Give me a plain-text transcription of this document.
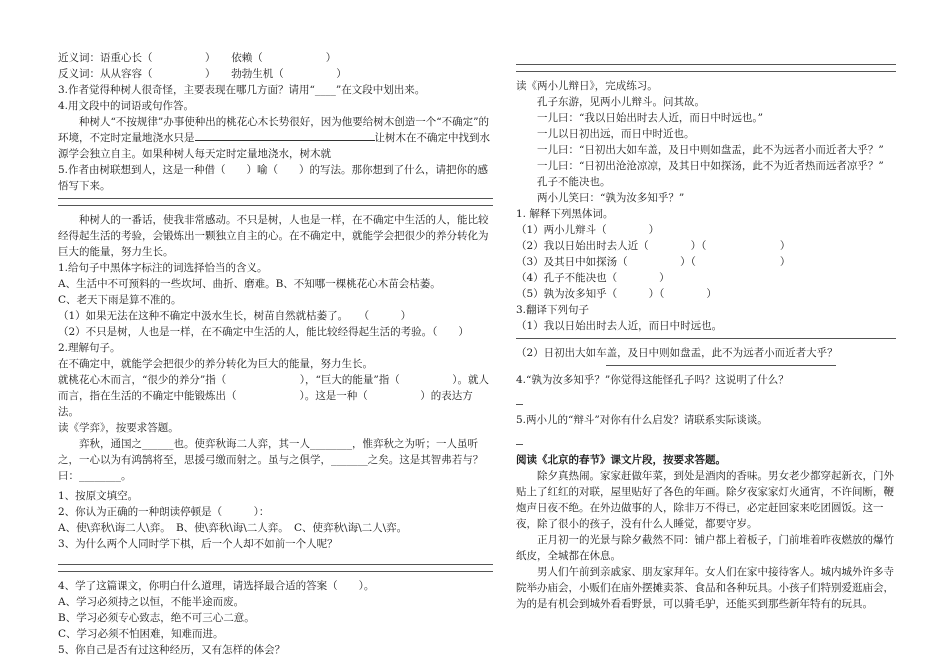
近义词：语重心长（　　　　　）　　依赖（　　　　　　）
反义词：从从容容（　　　　　）　　勃勃生机（　　　　　）
3.作者觉得种树人很奇怪，主要表现在哪几方面？请用“____”在文段中划出来。
4.用文段中的词语或句作答。
种树人“不按规律”办事使种出的桃花心木长势很好，因为他要给树木创造一个“不确定”的环境，不定时定量地浇水只是	让树木在不确定中找到水源学会独立自主。如果种树人每天定时定量地浇水，树木就
5.作者由树联想到人，这是一种借（　　）喻（　　）的写法。那你想到了什么，请把你的感悟写下来。
种树人的一番话，使我非常感动。不只是树，人也是一样，在不确定中生活的人，能比较经得起生活的考验，会锻炼出一颗独立自主的心。在不确定中，就能学会把很少的养分转化为巨大的能量，努力生长。
1.给句子中黑体字标注的词选择恰当的含义。
A、生活中不可预料的一些坎坷、曲折、磨难。B、不知哪一棵桃花心木苗会枯萎。
C、老天下雨是算不准的。
（1）如果无法在这种不确定中汲水生长，树苗自然就枯萎了。　　（　　　）
（2）不只是树，人也是一样，在不确定中生活的人，能比较经得起生活的考验。（　　）
2.理解句子。
在不确定中，就能学会把很少的养分转化为巨大的能量，努力生长。
就桃花心木而言，“很少的养分”指（　　　　　　　），“巨大的能量”指（　　　　　）。就人而言，指在生活的不确定中能锻炼出（　　　　　　）。这是一种（　　　　　）的表达方法。
读《学弈》，按要求答题。
弈秋，通国之______也。使弈秋诲二人弈，其一人________，惟弈秋之为听；一人虽听之，一心以为有鸿鹄将至，思援弓缴而射之。虽与之俱学，_______之矣。这是其智弗若与？曰：________。
1、按原文填空。
2、你认为正确的一种朗读停顿是（　　　）：
A、使\弈秋\诲二人\弈。　B、使\弈秋\诲\二人弈。　C、使弈秋\诲\二人\弈。
3、为什么两个人同时学下棋，后一个人却不如前一个人呢？
4、学了这篇课文，你明白什么道理，请选择最合适的答案（　　）。
A、学习必须持之以恒，不能半途而废。
B、学习必须专心致志，绝不可三心二意。
C、学习必须不怕困难，知难而进。
5、你自己是否有过这种经历，又有怎样的体会？
读《两小儿辩日》，完成练习。
孔子东游，见两小儿辩斗。问其故。
一儿曰：“我以日始出时去人近，而日中时远也。”
一儿以日初出远，而日中时近也。
一儿曰：“日初出大如车盖，及日中则如盘盂，此不为远者小而近者大乎？”
一儿曰：“日初出沧沧凉凉，及其日中如探汤，此不为近者热而远者凉乎？”
孔子不能决也。
两小儿笑曰：“孰为汝多知乎？”
1. 解释下列黑体词。
（1）两小儿辩斗（　　　　）
（2）我以日始出时去人近（　　　　）（　　　　　　　）
（3）及其日中如探汤（　　　　　）（　　　　　　　　）
（4）孔子不能决也（　　　　）
（5）孰为汝多知乎（　　　）（　　　　）
3.翻译下列句子
（1）我以日始出时去人近，而日中时远也。
（2）日初出大如车盖，及日中则如盘盂，此不为远者小而近者大乎？
4.“孰为汝多知乎？”你觉得这能怪孔子吗？这说明了什么？
5.两小儿的“辩斗”对你有什么启发？请联系实际谈谈。
阅读《北京的春节》课文片段，按要求答题。
除夕真热闹。家家赶做年菜，到处是酒肉的香味。男女老少都穿起新衣，门外贴上了红红的对联，屋里贴好了各色的年画。除夕夜家家灯火通宵，不许间断，鞭炮声日夜不绝。在外边做事的人，除非万不得已，必定赶回家来吃团圆饭。这一夜，除了很小的孩子，没有什么人睡觉，都要守岁。
正月初一的光景与除夕截然不同：铺户都上着板子，门前堆着昨夜燃放的爆竹纸皮，全城都在休息。
男人们午前到亲戚家、朋友家拜年。女人们在家中接待客人。城内城外许多寺院举办庙会，小贩们在庙外摆摊卖茶、食品和各种玩具。小孩子们特别爱逛庙会，为的是有机会到城外看看野景，可以骑毛驴，还能买到那些新年特有的玩具。
